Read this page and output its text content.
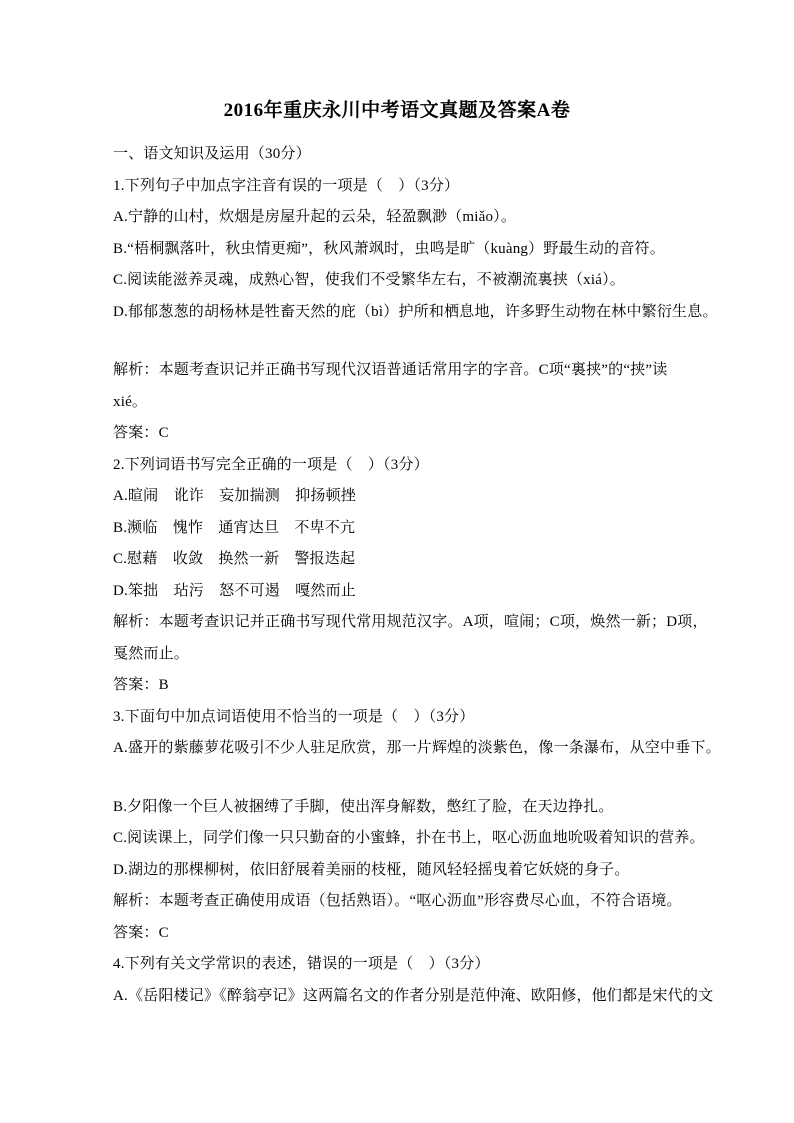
2016年重庆永川中考语文真题及答案A卷
一、语文知识及运用（30分）
1.下列句子中加点字注音有误的一项是（　）（3分）
A.宁静的山村，炊烟是房屋升起的云朵，轻盈飘渺（miǎo）。
B.“梧桐飘落叶，秋虫情更痴”，秋风萧飒时，虫鸣是旷（kuàng）野最生动的音符。
C.阅读能滋养灵魂，成熟心智，使我们不受繁华左右，不被潮流裏挟（xiá）。
D.郁郁葱葱的胡杨林是牲畜天然的庇（bì）护所和栖息地，许多野生动物在林中繁衍生息。
解析：本题考查识记并正确书写现代汉语普通话常用字的字音。C项“裏挟”的“挟”读
xié。
答案：C
2.下列词语书写完全正确的一项是（　）（3分）
A.暄闹　讹诈　妄加揣测　抑扬顿挫
B.濒临　愧怍　通宵达旦　不卑不亢
C.慰藉　收敛　换然一新　警报迭起
D.笨拙　玷污　怒不可遏　嘎然而止
解析：本题考查识记并正确书写现代常用规范汉字。A项，喧闹；C项，焕然一新；D项，
戛然而止。
答案：B
3.下面句中加点词语使用不恰当的一项是（　）（3分）
A.盛开的紫藤萝花吸引不少人驻足欣赏，那一片辉煌的淡紫色，像一条瀑布，从空中垂下。
B.夕阳像一个巨人被捆缚了手脚，使出浑身解数，憋红了脸，在天边挣扎。
C.阅读课上，同学们像一只只勤奋的小蜜蜂，扑在书上，呕心沥血地吮吸着知识的营养。
D.湖边的那棵柳树，依旧舒展着美丽的枝桠，随风轻轻摇曳着它妖娆的身子。
解析：本题考查正确使用成语（包括熟语）。“呕心沥血”形容费尽心血，不符合语境。
答案：C
4.下列有关文学常识的表述，错误的一项是（　）（3分）
A.《岳阳楼记》《醉翁亭记》这两篇名文的作者分别是范仲淹、欧阳修，他们都是宋代的文
